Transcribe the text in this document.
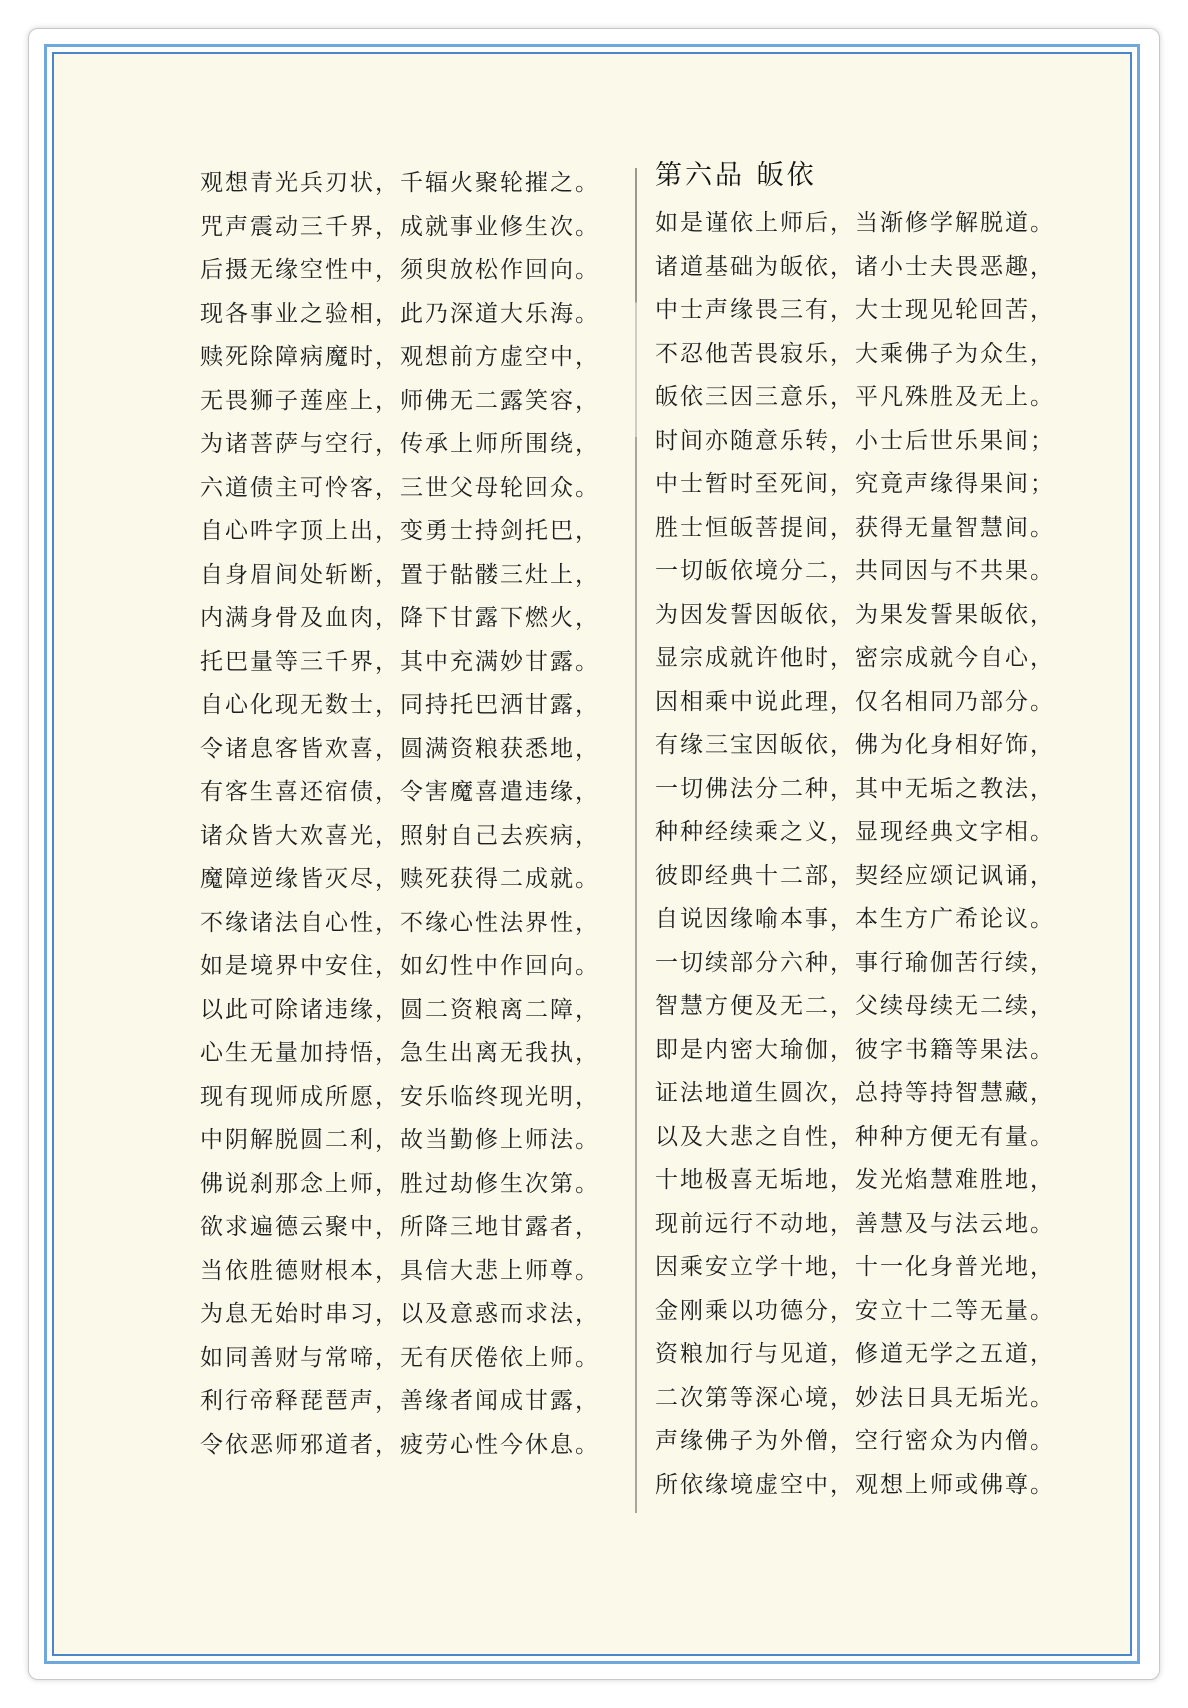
观想青光兵刃状，千辐火聚轮摧之。
咒声震动三千界，成就事业修生次。
后摄无缘空性中，须臾放松作回向。
现各事业之验相，此乃深道大乐海。
赎死除障病魔时，观想前方虚空中，
无畏狮子莲座上，师佛无二露笑容，
为诸菩萨与空行，传承上师所围绕，
六道债主可怜客，三世父母轮回众。
自心吽字顶上出，变勇士持剑托巴，
自身眉间处斩断，置于骷髅三灶上，
内满身骨及血肉，降下甘露下燃火，
托巴量等三千界，其中充满妙甘露。
自心化现无数士，同持托巴洒甘露，
令诸息客皆欢喜，圆满资粮获悉地，
有客生喜还宿债，令害魔喜遣违缘，
诸众皆大欢喜光，照射自己去疾病，
魔障逆缘皆灭尽，赎死获得二成就。
不缘诸法自心性，不缘心性法界性，
如是境界中安住，如幻性中作回向。
以此可除诸违缘，圆二资粮离二障，
心生无量加持悟，急生出离无我执，
现有现师成所愿，安乐临终现光明，
中阴解脱圆二利，故当勤修上师法。
佛说刹那念上师，胜过劫修生次第。
欲求遍德云聚中，所降三地甘露者，
当依胜德财根本，具信大悲上师尊。
为息无始时串习，以及意惑而求法，
如同善财与常啼，无有厌倦依上师。
利行帝释琵琶声，善缘者闻成甘露，
令依恶师邪道者，疲劳心性今休息。
第六品 皈依
如是谨依上师后，当渐修学解脱道。
诸道基础为皈依，诸小士夫畏恶趣，
中士声缘畏三有，大士现见轮回苦，
不忍他苦畏寂乐，大乘佛子为众生，
皈依三因三意乐，平凡殊胜及无上。
时间亦随意乐转，小士后世乐果间；
中士暂时至死间，究竟声缘得果间；
胜士恒皈菩提间，获得无量智慧间。
一切皈依境分二，共同因与不共果。
为因发誓因皈依，为果发誓果皈依，
显宗成就许他时，密宗成就今自心，
因相乘中说此理，仅名相同乃部分。
有缘三宝因皈依，佛为化身相好饰，
一切佛法分二种，其中无垢之教法，
种种经续乘之义，显现经典文字相。
彼即经典十二部，契经应颂记讽诵，
自说因缘喻本事，本生方广希论议。
一切续部分六种，事行瑜伽苦行续，
智慧方便及无二，父续母续无二续，
即是内密大瑜伽，彼字书籍等果法。
证法地道生圆次，总持等持智慧藏，
以及大悲之自性，种种方便无有量。
十地极喜无垢地，发光焰慧难胜地，
现前远行不动地，善慧及与法云地。
因乘安立学十地，十一化身普光地，
金刚乘以功德分，安立十二等无量。
资粮加行与见道，修道无学之五道，
二次第等深心境，妙法日具无垢光。
声缘佛子为外僧，空行密众为内僧。
所依缘境虚空中，观想上师或佛尊。
